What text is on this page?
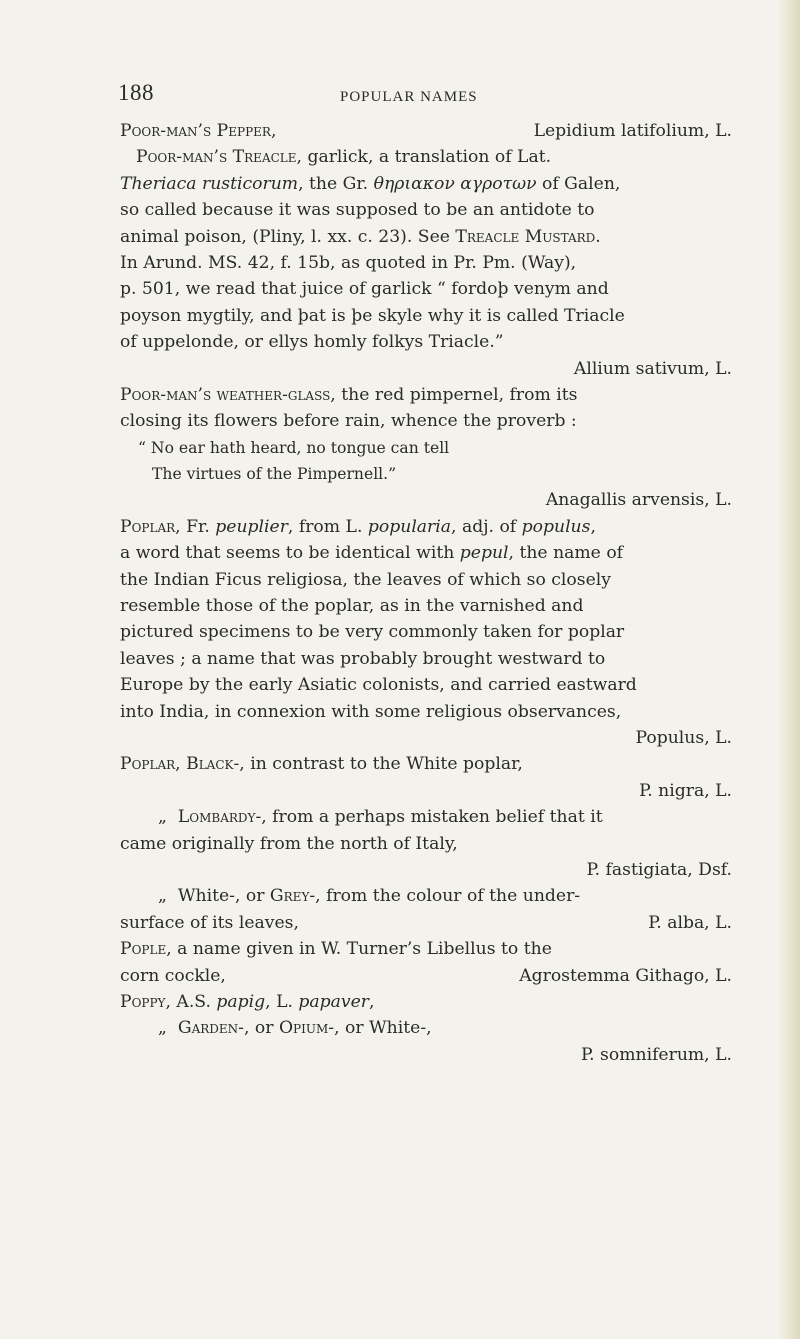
188	POPULAR NAMES
Poor-man’s Pepper,	Lepidium latifolium, L.
Poor-man’s Treacle, garlick, a translation of Lat.
Theriaca rusticorum, the Gr. θηριακον αγροτων of Galen,
so called because it was supposed to be an antidote to
animal poison, (Pliny, l. xx. c. 23). See Treacle Mustard.
In Arund. MS. 42, f. 15b, as quoted in Pr. Pm. (Way),
p. 501, we read that juice of garlick “ fordoþ venym and
poyson mygtily, and þat is þe skyle why it is called Triacle
of uppelonde, or ellys homly folkys Triacle.”
Allium sativum, L.
Poor-man’s weather-glass, the red pimpernel, from its
closing its flowers before rain, whence the proverb :
“ No ear hath heard, no tongue can tell
The virtues of the Pimpernell.”
Anagallis arvensis, L.
Poplar, Fr. peuplier, from L. popularia, adj. of populus,
a word that seems to be identical with pepul, the name of
the Indian Ficus religiosa, the leaves of which so closely
resemble those of the poplar, as in the varnished and
pictured specimens to be very commonly taken for poplar
leaves ; a name that was probably brought westward to
Europe by the early Asiatic colonists, and carried eastward
into India, in connexion with some religious observances,
Populus, L.
Poplar, Black-, in contrast to the White poplar,
P. nigra, L.
„ Lombardy-, from a perhaps mistaken belief that it
came originally from the north of Italy,
P. fastigiata, Dsf.
„ White-, or Grey-, from the colour of the under-
surface of its leaves,	P. alba, L.
Pople, a name given in W. Turner’s Libellus to the
corn cockle,	Agrostemma Githago, L.
Poppy, A.S. papig, L. papaver,
„ Garden-, or Opium-, or White-,
P. somniferum, L.
